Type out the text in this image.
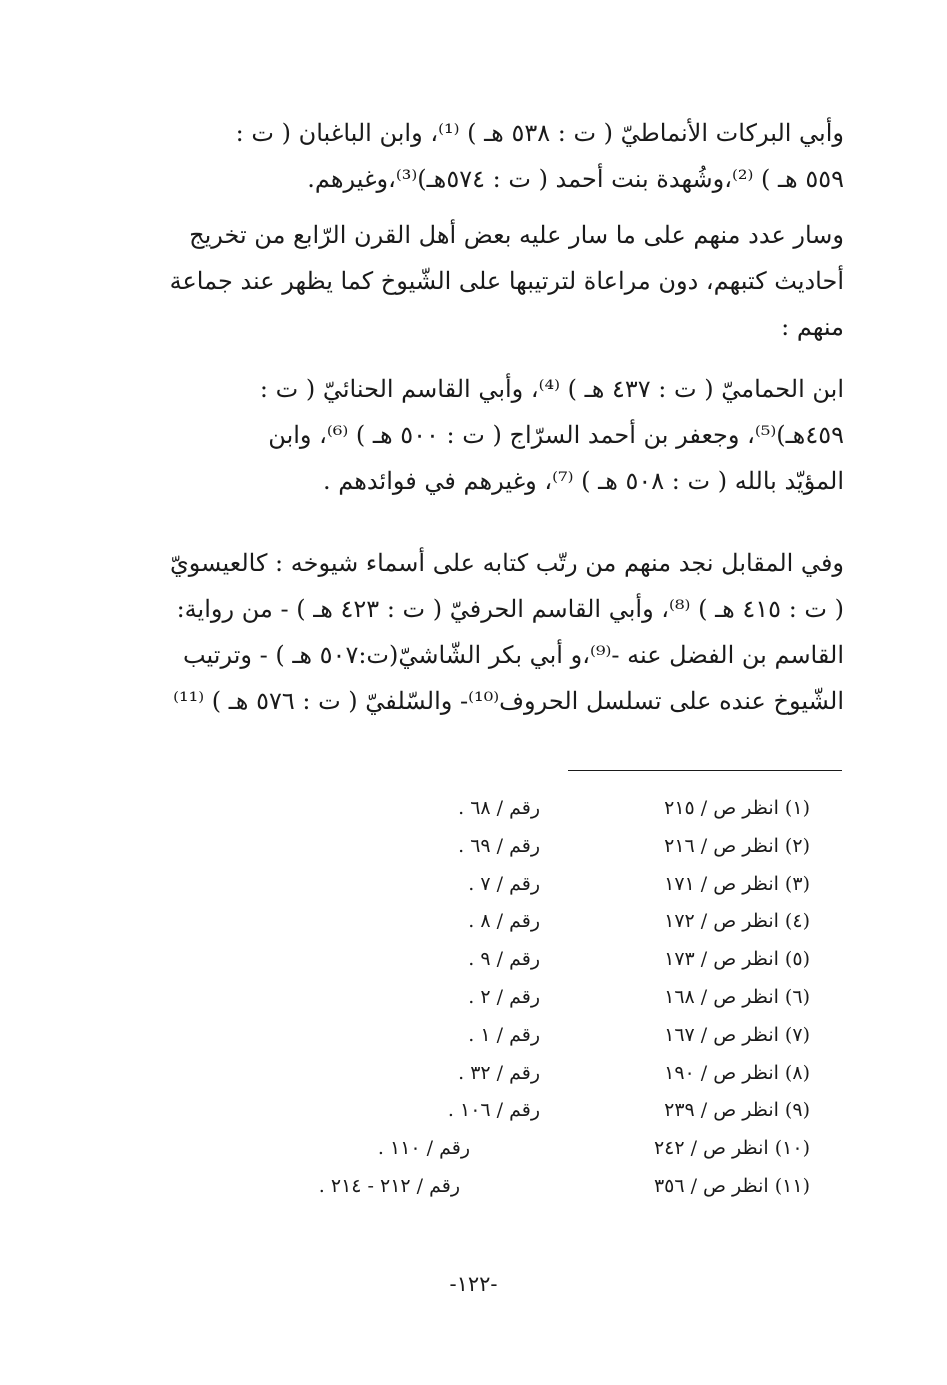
وأبي البركات الأنماطيّ ( ت : ٥٣٨ هـ ) ⁽¹⁾، وابن الباغبان ( ت :
٥٥٩ هـ ) ⁽²⁾،وشُهدة بنت أحمد ( ت : ٥٧٤هـ)⁽³⁾،وغيرهم.
وسار عدد منهم على ما سار عليه بعض أهل القرن الرّابع من تخريج
أحاديث كتبهم، دون مراعاة لترتيبها على الشّيوخ كما يظهر عند جماعة
منهم :
ابن الحماميّ ( ت : ٤٣٧ هـ ) ⁽⁴⁾، وأبي القاسم الحنائيّ ( ت :
٤٥٩هـ)⁽⁵⁾، وجعفر بن أحمد السرّاج ( ت : ٥٠٠ هـ ) ⁽⁶⁾، وابن
المؤيّد بالله ( ت : ٥٠٨ هـ ) ⁽⁷⁾، وغيرهم في فوائدهم .
وفي المقابل نجد منهم من رتّب كتابه على أسماء شيوخه : كالعيسويّ
( ت : ٤١٥ هـ ) ⁽⁸⁾، وأبي القاسم الحرفيّ ( ت : ٤٢٣ هـ ) - من رواية:
القاسم بن الفضل عنه -⁽⁹⁾،و أبي بكر الشّاشيّ(ت:٥٠٧ هـ ) - وترتيب
الشّيوخ عنده على تسلسل الحروف⁽¹⁰⁾- والسّلفيّ ( ت : ٥٧٦ هـ ) ⁽¹¹⁾
(١) انظر ص / ٢١٥
رقم / ٦٨ .
(٢) انظر ص / ٢١٦
رقم / ٦٩ .
(٣) انظر ص / ١٧١
رقم / ٧ .
(٤) انظر ص / ١٧٢
رقم / ٨ .
(٥) انظر ص / ١٧٣
رقم / ٩ .
(٦) انظر ص / ١٦٨
رقم / ٢ .
(٧) انظر ص / ١٦٧
رقم / ١ .
(٨) انظر ص / ١٩٠
رقم / ٣٢ .
(٩) انظر ص / ٢٣٩
رقم / ١٠٦ .
(١٠) انظر ص / ٢٤٢
رقم / ١١٠ .
(١١) انظر ص / ٣٥٦
رقم / ٢١٢ - ٢١٤ .
-١٢٢-
